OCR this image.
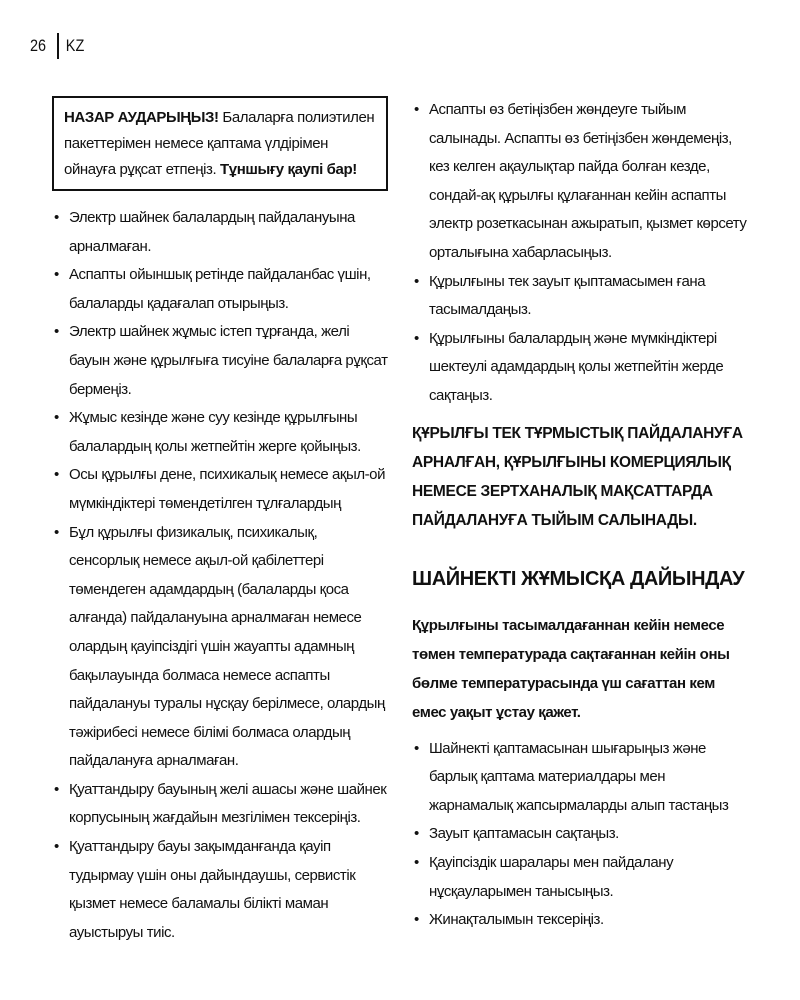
26	KZ
НАЗАР АУДАРЫҢЫЗ! Балаларға полиэтилен пакеттерімен немесе қаптама үлдірімен ойнауға рұқсат етпеңіз. Тұншығу қаупі бар!
• Электр шайнек балалардың пайдалануына арналмаған.
• Аспапты ойыншық ретінде пайдаланбас үшін, балаларды қадағалап отырыңыз.
• Электр шайнек жұмыс істеп тұрғанда, желі бауын және құрылғыға тисуіне балаларға рұқсат бермеңіз.
• Жұмыс кезінде және суу кезінде құрылғыны балалардың қолы жетпейтін жерге қойыңыз.
• Осы құрылғы дене, психикалық немесе ақыл-ой мүмкіндіктері төмендетілген тұлғалардың
• Бұл құрылғы физикалық, психикалық, сенсорлық немесе ақыл-ой қабілеттері төмендеген адамдардың (балаларды қоса алғанда) пайдалануына арналмаған немесе олардың қауіпсіздігі үшін жауапты адамның бақылауында болмаса немесе аспапты пайдалануы туралы нұсқау берілмесе, олардың тәжірибесі немесе білімі болмаса олардың пайдалануға арналмаған.
• Қуаттандыру бауының желі ашасы және шайнек корпусының жағдайын мезгілімен тексеріңіз.
• Қуаттандыру бауы зақымданғанда қауіп тудырмау үшін оны дайындаушы, сервистік қызмет немесе баламалы білікті маман ауыстыруы тиіс.
• Аспапты өз бетіңізбен жөндеуге тыйым салынады. Аспапты өз бетіңізбен жөндемеңіз, кез келген ақаулықтар пайда болған кезде, сондай-ақ құрылғы құлағаннан кейін аспапты электр розеткасынан ажыратып, қызмет көрсету орталығына хабарласыңыз.
• Құрылғыны тек зауыт қыптамасымен ғана тасымалдаңыз.
• Құрылғыны балалардың және мүмкіндіктері шектеулі адамдардың қолы жетпейтін жерде сақтаңыз.
ҚҰРЫЛҒЫ ТЕК ТҰРМЫСТЫҚ ПАЙДАЛАНУҒА АРНАЛҒАН, ҚҰРЫЛҒЫНЫ КОМЕРЦИЯЛЫҚ НЕМЕСЕ ЗЕРТХАНАЛЫҚ МАҚСАТТАРДА ПАЙДАЛАНУҒА ТЫЙЫМ САЛЫНАДЫ.
ШАЙНЕКТІ ЖҰМЫСҚА ДАЙЫНДАУ
Құрылғыны тасымалдағаннан кейін немесе төмен температурада сақтағаннан кейін оны бөлме температурасында үш сағаттан кем емес уақыт ұстау қажет.
• Шайнекті қаптамасынан шығарыңыз және барлық қаптама материалдары мен жарнамалық жапсырмаларды алып тастаңыз
• Зауыт қаптамасын сақтаңыз.
• Қауіпсіздік шаралары мен пайдалану нұсқауларымен танысыңыз.
• Жинақталымын тексеріңіз.
